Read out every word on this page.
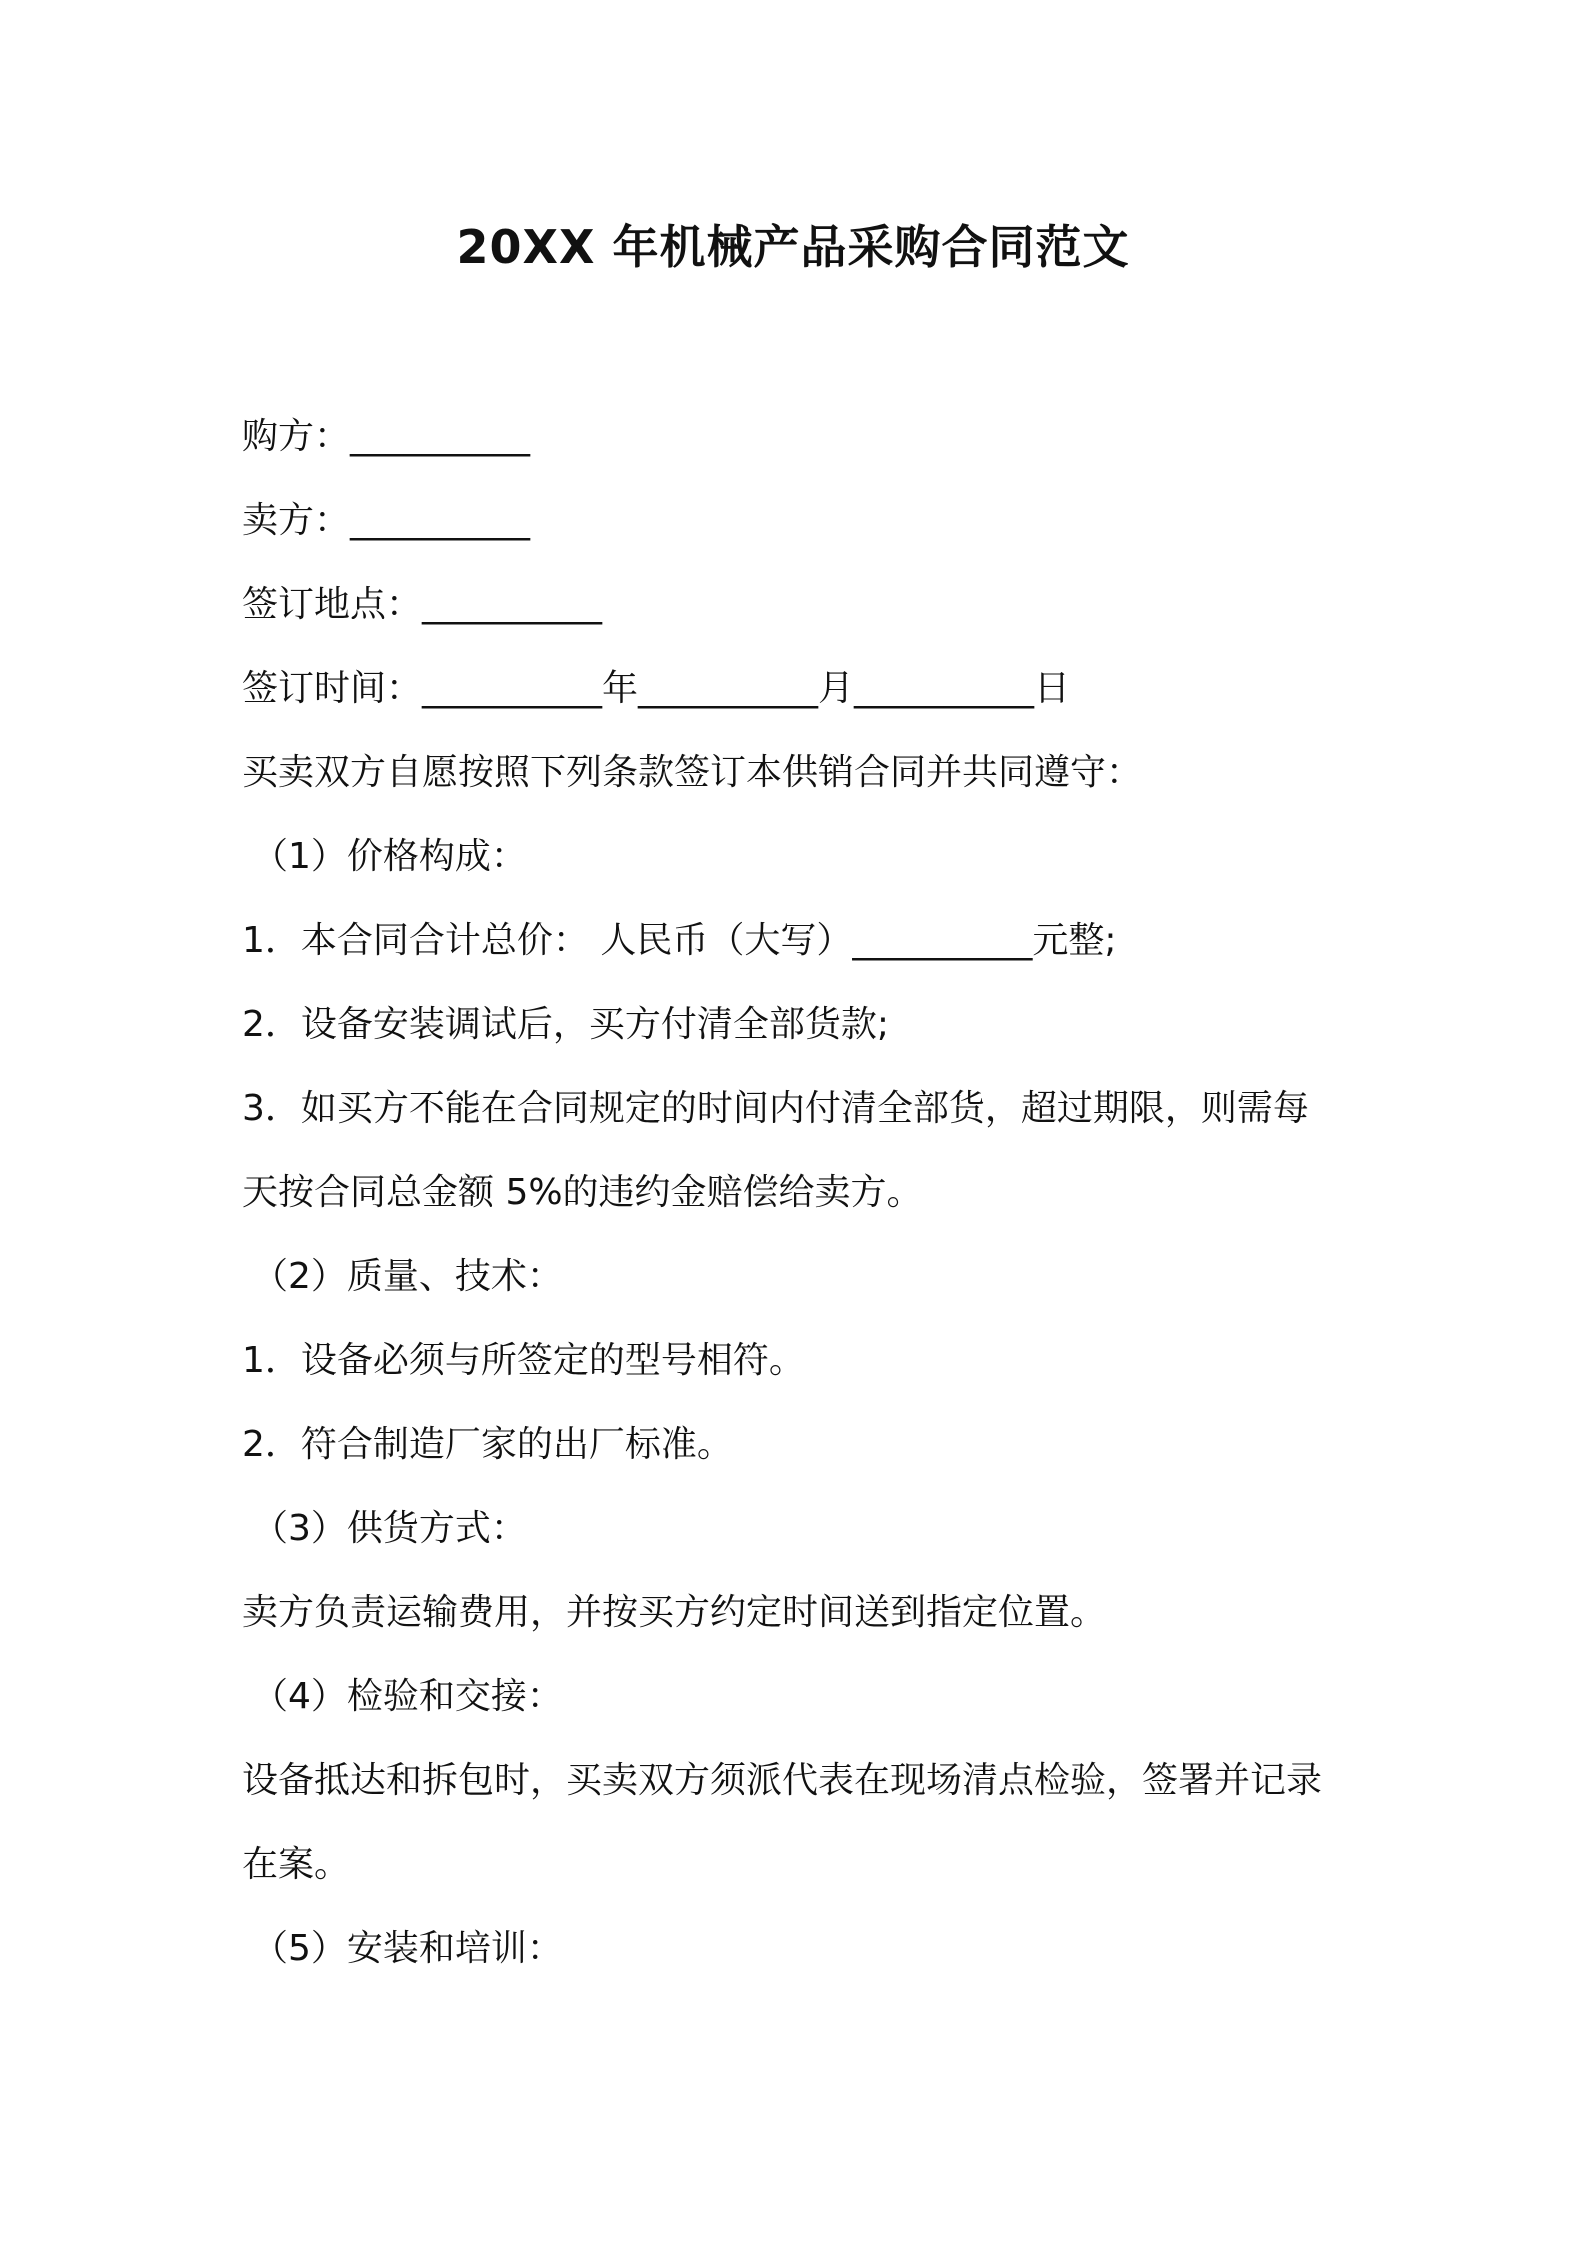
20XX 年机械产品采购合同范文
购方：__________
卖方：__________
签订地点：__________
签订时间：__________年__________月__________日
买卖双方自愿按照下列条款签订本供销合同并共同遵守：
（1）价格构成：
1．本合同合计总价： 人民币（大写）__________元整;
2．设备安装调试后，买方付清全部货款;
3．如买方不能在合同规定的时间内付清全部货，超过期限，则需每
天按合同总金额 5%的违约金赔偿给卖方。
（2）质量、技术：
1．设备必须与所签定的型号相符。
2．符合制造厂家的出厂标准。
（3）供货方式：
卖方负责运输费用，并按买方约定时间送到指定位置。
（4）检验和交接：
设备抵达和拆包时，买卖双方须派代表在现场清点检验，签署并记录
在案。
（5）安装和培训：
